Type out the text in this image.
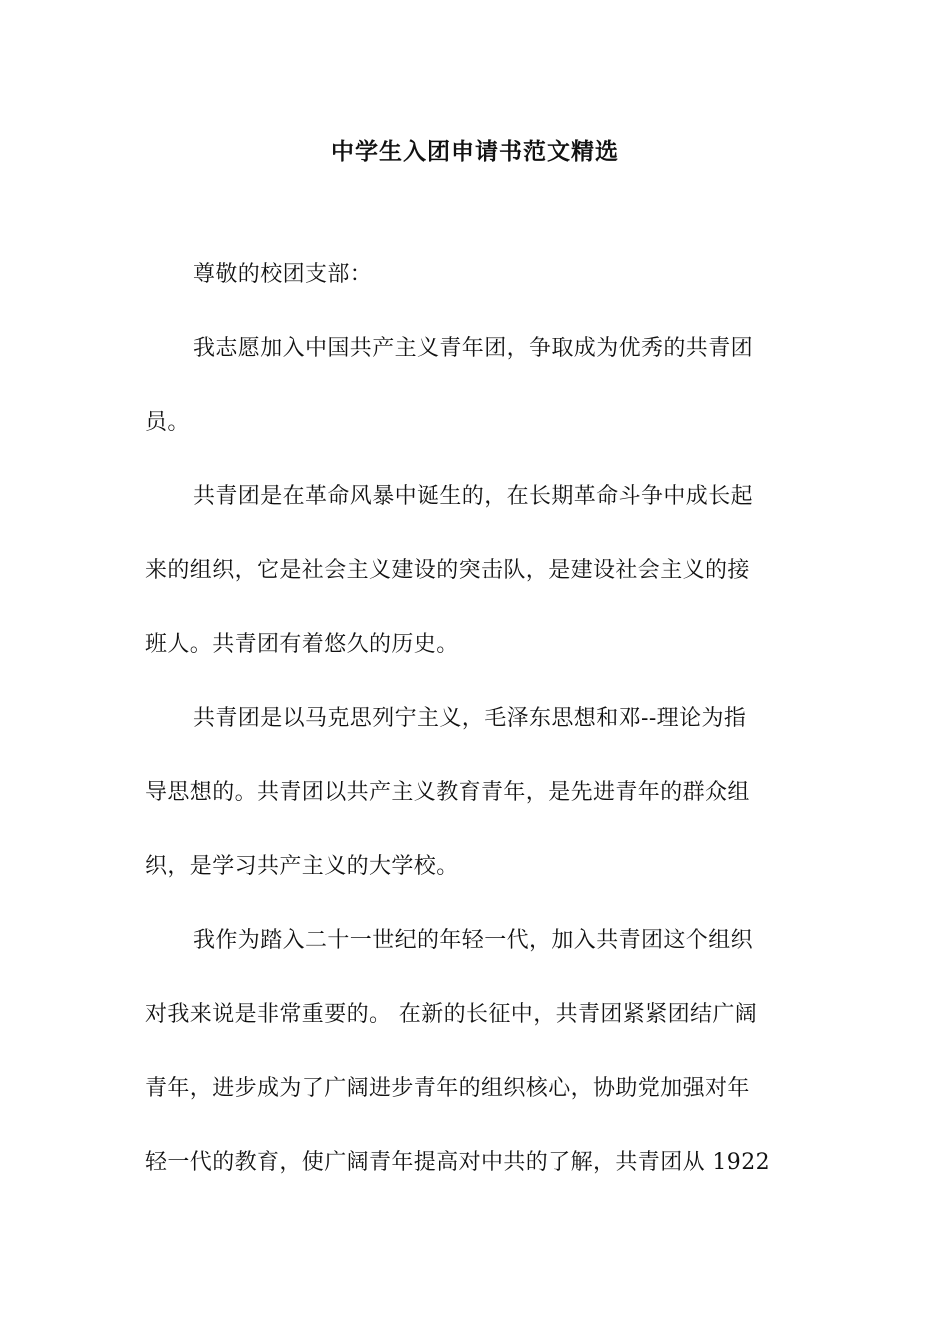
中学生入团申请书范文精选
尊敬的校团支部：
我志愿加入中国共产主义青年团，争取成为优秀的共青团
员。
共青团是在革命风暴中诞生的，在长期革命斗争中成长起
来的组织，它是社会主义建设的突击队，是建设社会主义的接
班人。共青团有着悠久的历史。
共青团是以马克思列宁主义，毛泽东思想和邓--理论为指
导思想的。共青团以共产主义教育青年，是先进青年的群众组
织，是学习共产主义的大学校。
我作为踏入二十一世纪的年轻一代，加入共青团这个组织
对我来说是非常重要的。 在新的长征中，共青团紧紧团结广阔
青年，进步成为了广阔进步青年的组织核心，协助党加强对年
轻一代的教育，使广阔青年提高对中共的了解，共青团从 1922
